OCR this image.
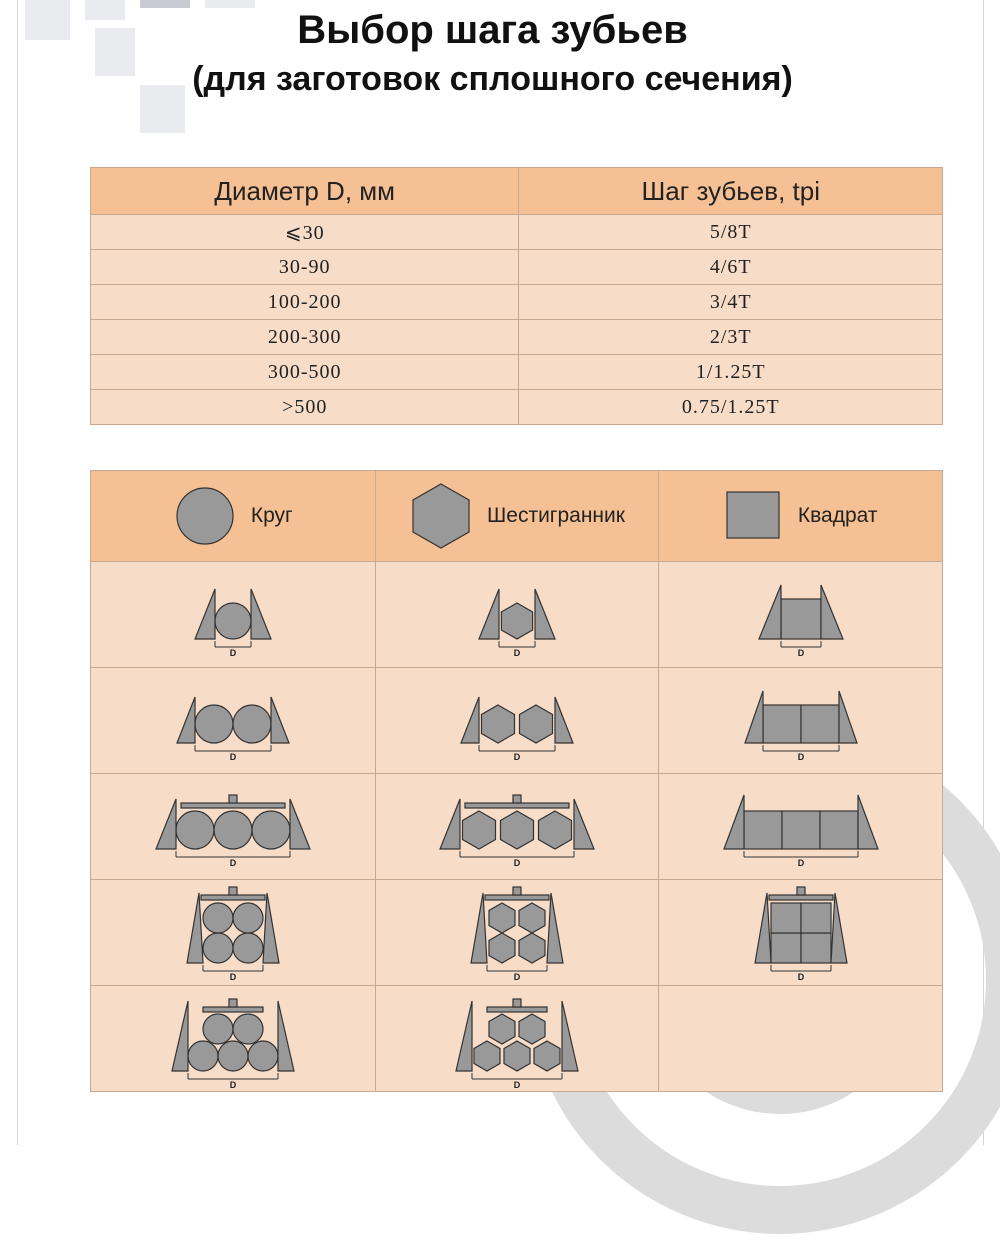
Выбор шага зубьев
(для заготовок сплошного сечения)
Диаметр D, мм	Шаг зубьев, tpi
⩽30	5/8T
30-90	4/6T
100-200	3/4T
200-300	2/3T
300-500	1/1.25T
>500	0.75/1.25T
Круг	Шестигранник	Квадрат

D	D	D

D	D	D

D	D	D

D	D	D

D	D	
